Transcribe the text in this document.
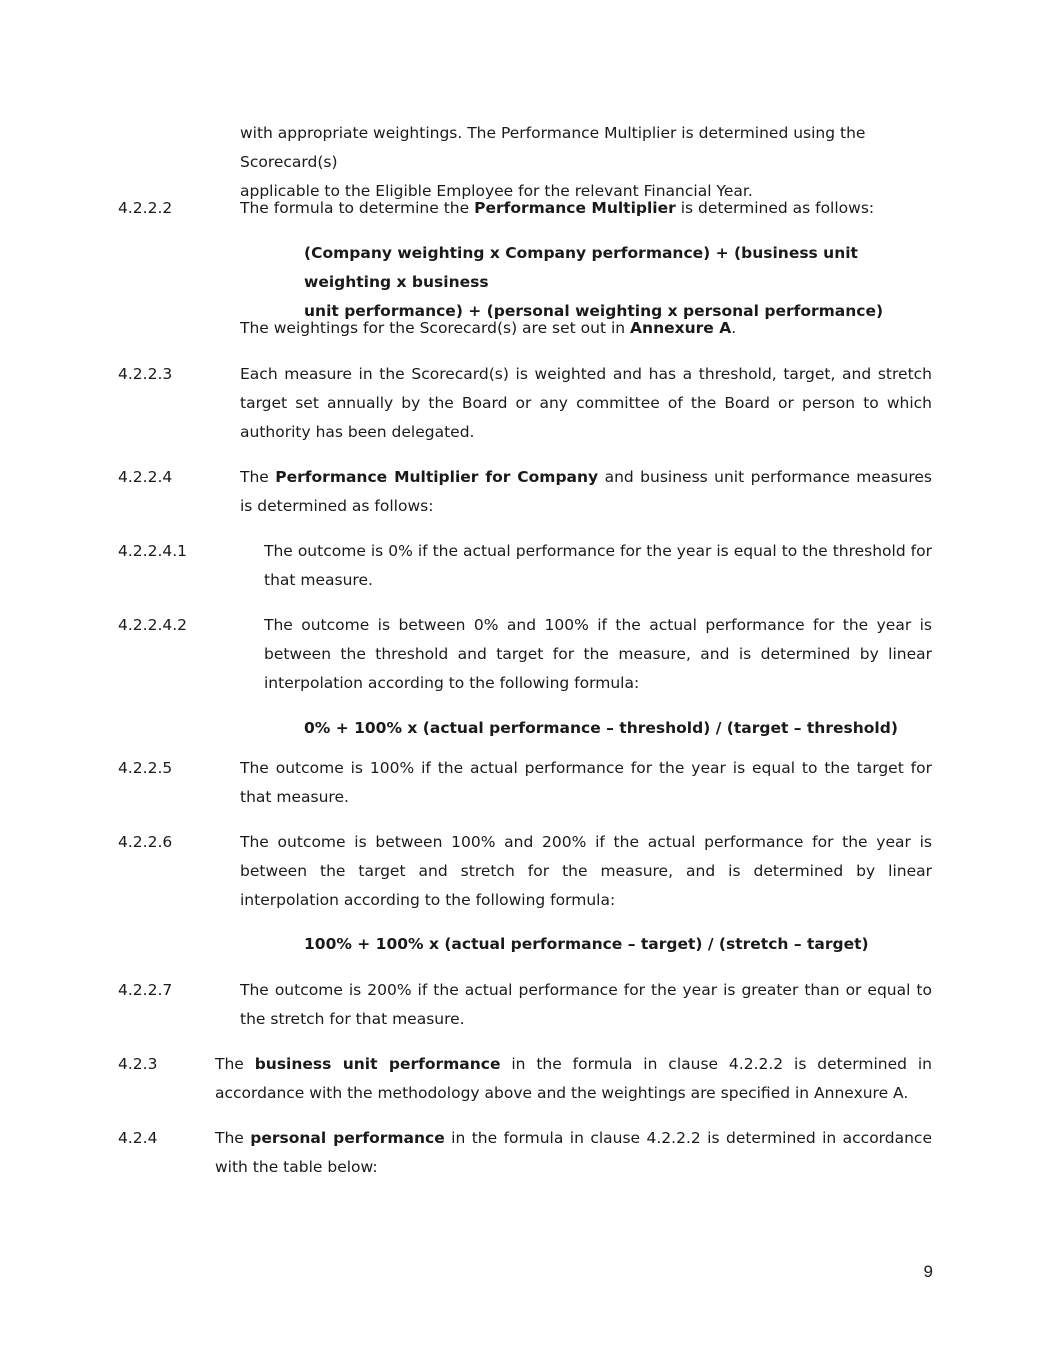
with appropriate weightings. The Performance Multiplier is determined using the Scorecard(s)
applicable to the Eligible Employee for the relevant Financial Year.
4.2.2.2	The formula to determine the Performance Multiplier is determined as follows:
(Company weighting x Company performance) + (business unit weighting x business
unit performance) + (personal weighting x personal performance)
The weightings for the Scorecard(s) are set out in Annexure A.
4.2.2.3	Each measure in the Scorecard(s) is weighted and has a threshold, target, and stretch target set annually by the Board or any committee of the Board or person to which authority has been delegated.
4.2.2.4	The Performance Multiplier for Company and business unit performance measures is determined as follows:
4.2.2.4.1	The outcome is 0% if the actual performance for the year is equal to the threshold for that measure.
4.2.2.4.2	The outcome is between 0% and 100% if the actual performance for the year is between the threshold and target for the measure, and is determined by linear interpolation according to the following formula:
0% + 100% x (actual performance – threshold) / (target – threshold)
4.2.2.5	The outcome is 100% if the actual performance for the year is equal to the target for that measure.
4.2.2.6	The outcome is between 100% and 200% if the actual performance for the year is between the target and stretch for the measure, and is determined by linear interpolation according to the following formula:
100% + 100% x (actual performance – target) / (stretch – target)
4.2.2.7	The outcome is 200% if the actual performance for the year is greater than or equal to the stretch for that measure.
4.2.3	The business unit performance in the formula in clause 4.2.2.2 is determined in accordance with the methodology above and the weightings are specified in Annexure A.
4.2.4	The personal performance in the formula in clause 4.2.2.2 is determined in accordance with the table below:
9
